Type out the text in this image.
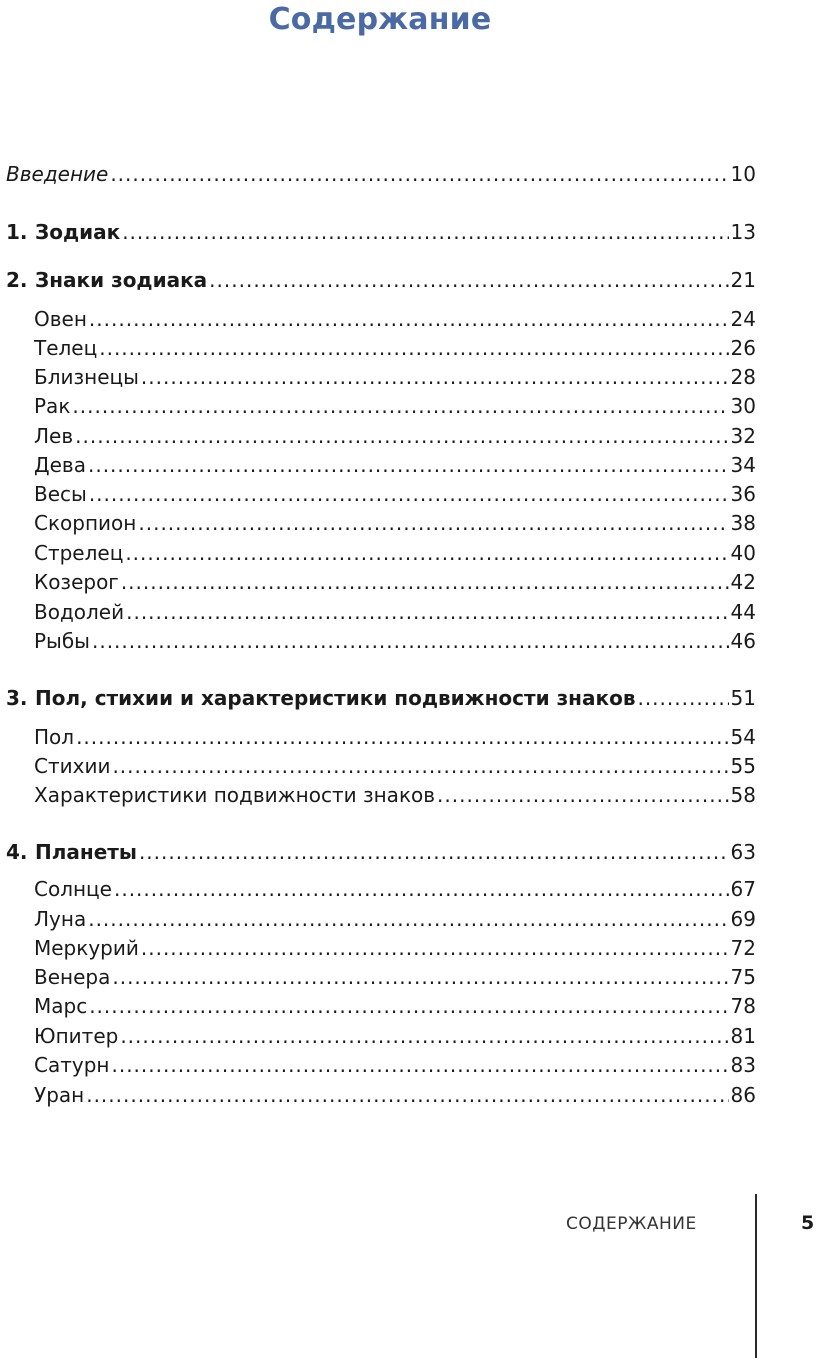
Содержание
Введение .....	10
1. Зодиак .....	13
2. Знаки зодиака .....	21
Овен .....	24
Телец .....	26
Близнецы .....	28
Рак .....	30
Лев .....	32
Дева .....	34
Весы .....	36
Скорпион .....	38
Стрелец .....	40
Козерог .....	42
Водолей .....	44
Рыбы .....	46
3. Пол, стихии и характеристики подвижности знаков .....	51
Пол .....	54
Стихии .....	55
Характеристики подвижности знаков .....	58
4. Планеты .....	63
Солнце .....	67
Луна .....	69
Меркурий .....	72
Венера .....	75
Марс .....	78
Юпитер .....	81
Сатурн .....	83
Уран .....	86
СОДЕРЖАНИЕ	5
